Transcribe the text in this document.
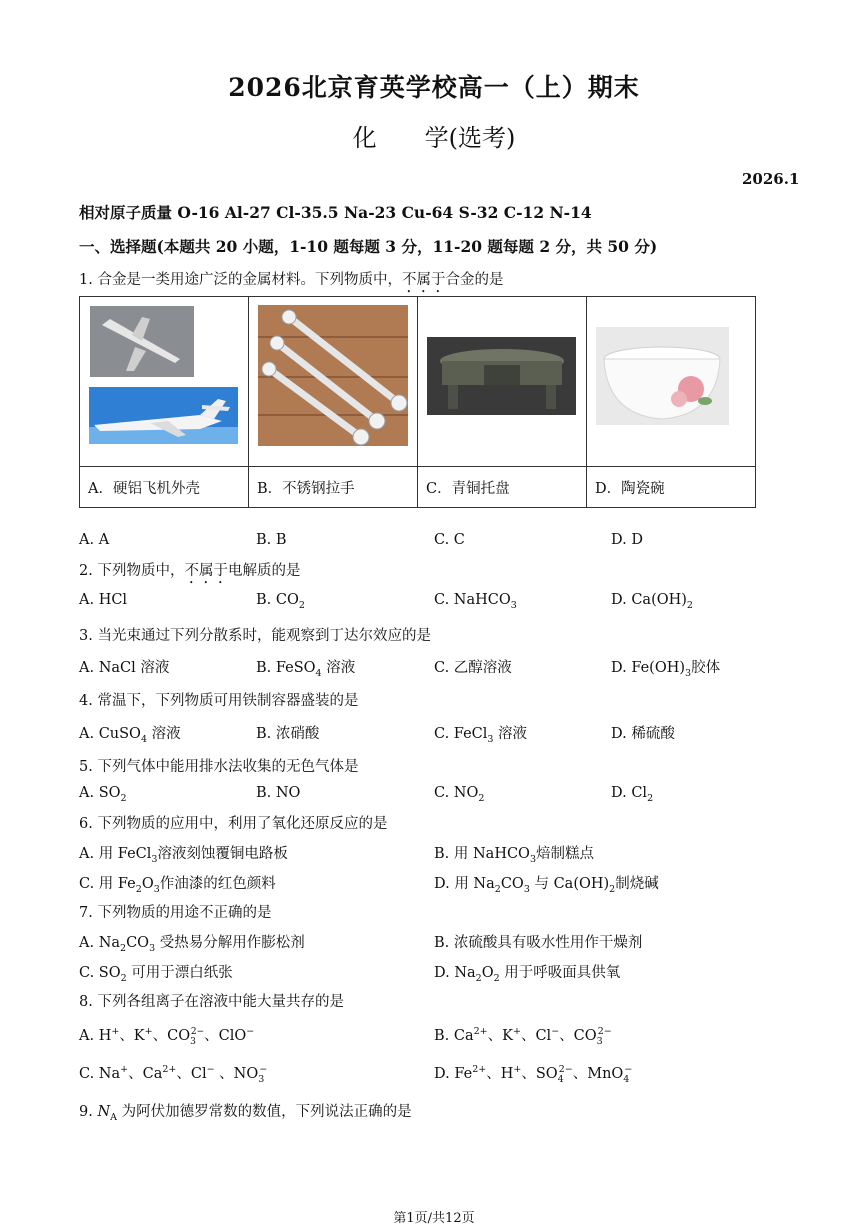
2026北京育英学校高一（上）期末
化　　学(选考)
2026.1
相对原子质量 O-16 Al-27 Cl-35.5 Na-23 Cu-64 S-32 C-12 N-14
一、选择题(本题共 20 小题，1-10 题每题 3 分，11-20 题每题 2 分，共 50 分)
1. 合金是一类用途广泛的金属材料。下列物质中，不属于合金的是

A．硬铝飞机外壳	B．不锈钢拉手	C．青铜托盘	D．陶瓷碗
A. A	B. B	C. C	D. D
2. 下列物质中，不属于电解质的是
A. HCl	B. $CO_2$	C. NaHCO$_3$	D. $Ca(OH)_2$
3. 当光束通过下列分散系时，能观察到丁达尔效应的是
A. NaCl 溶液	B. FeSO$_4$ 溶液	C. 乙醇溶液	D. $Fe(OH)_3$胶体
4. 常温下，下列物质可用铁制容器盛装的是
A. CuSO$_4$ 溶液	B. 浓硝酸	C. FeCl$_3$ 溶液	D. 稀硫酸
5. 下列气体中能用排水法收集的无色气体是
A. $SO_2$	B. NO	C. $NO_2$	D. $Cl_2$
6. 下列物质的应用中，利用了氧化还原反应的是
A. 用 FeCl$_3$溶液刻蚀覆铜电路板	B. 用 NaHCO$_3$焙制糕点
C. 用 $Fe_2O_3$作油漆的红色颜料	D. 用 $Na_2CO_3$ 与 $Ca(OH)_2$制烧碱
7. 下列物质的用途不正确的是
A. $Na_2CO_3$ 受热易分解用作膨松剂	B. 浓硫酸具有吸水性用作干燥剂
C. $SO_2$ 可用于漂白纸张	D. $Na_2O_2$ 用于呼吸面具供氧
8. 下列各组离子在溶液中能大量共存的是
A. H+、K+、$CO_3^{2-}$、ClO−	B. $Ca^{2+}$、K+、Cl−、$CO_3^{2-}$
C. Na+、$Ca^{2+}$、Cl− 、$NO_3^-$	D. $Fe^{2+}$、H+、$SO_4^{2-}$、MnO$_4$−
9. $N_A$ 为阿伏加德罗常数的数值，下列说法正确的是
第1页/共12页
